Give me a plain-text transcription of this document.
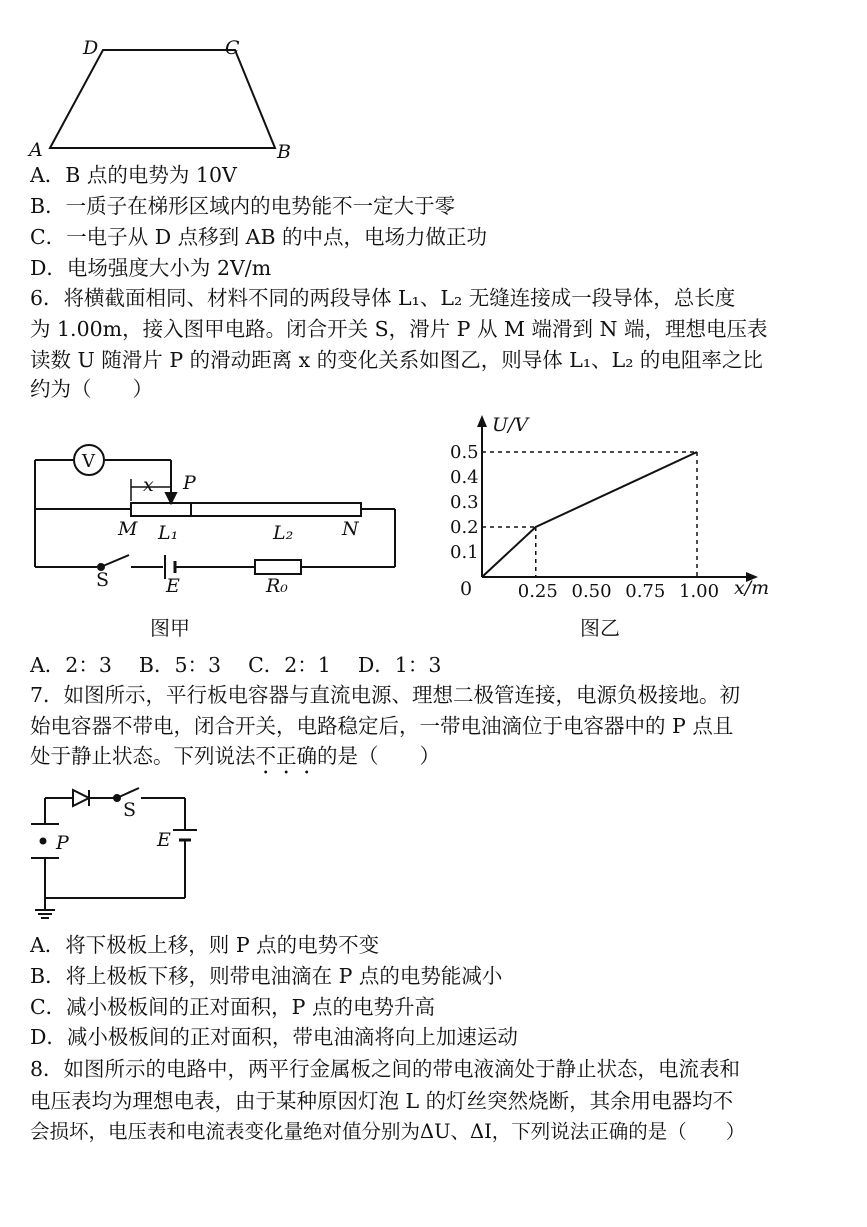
D	C
A	B
A．B 点的电势为 10V
B．一质子在梯形区域内的电势能不一定大于零
C．一电子从 D 点移到 AB 的中点，电场力做正功
D．电场强度大小为 2V/m
6．将横截面相同、材料不同的两段导体 L₁、L₂ 无缝连接成一段导体，总长度
为 1.00m，接入图甲电路。闭合开关 S，滑片 P 从 M 端滑到 N 端，理想电压表
读数 U 随滑片 P 的滑动距离 x 的变化关系如图乙，则导体 L₁、L₂ 的电阻率之比
约为（　　）
V
x P
M L₁	L₂	N
S	E	R₀
图甲
U/V
x/m
0
0.1
0.2
0.3
0.4
0.5
0.25 0.50 0.75 1.00
图乙
A．2：3　 B．5：3　 C．2：1　 D．1：3
7．如图所示，平行板电容器与直流电源、理想二极管连接，电源负极接地。初
始电容器不带电，闭合开关，电路稳定后，一带电油滴位于电容器中的 P 点且
处于静止状态。下列说法不正确的是（　　）
S
P	E
A．将下极板上移，则 P 点的电势不变
B．将上极板下移，则带电油滴在 P 点的电势能减小
C．减小极板间的正对面积，P 点的电势升高
D．减小极板间的正对面积，带电油滴将向上加速运动
8．如图所示的电路中，两平行金属板之间的带电液滴处于静止状态，电流表和
电压表均为理想电表，由于某种原因灯泡 L 的灯丝突然烧断，其余用电器均不
会损坏，电压表和电流表变化量绝对值分别为ΔU、ΔI，下列说法正确的是（　　）
